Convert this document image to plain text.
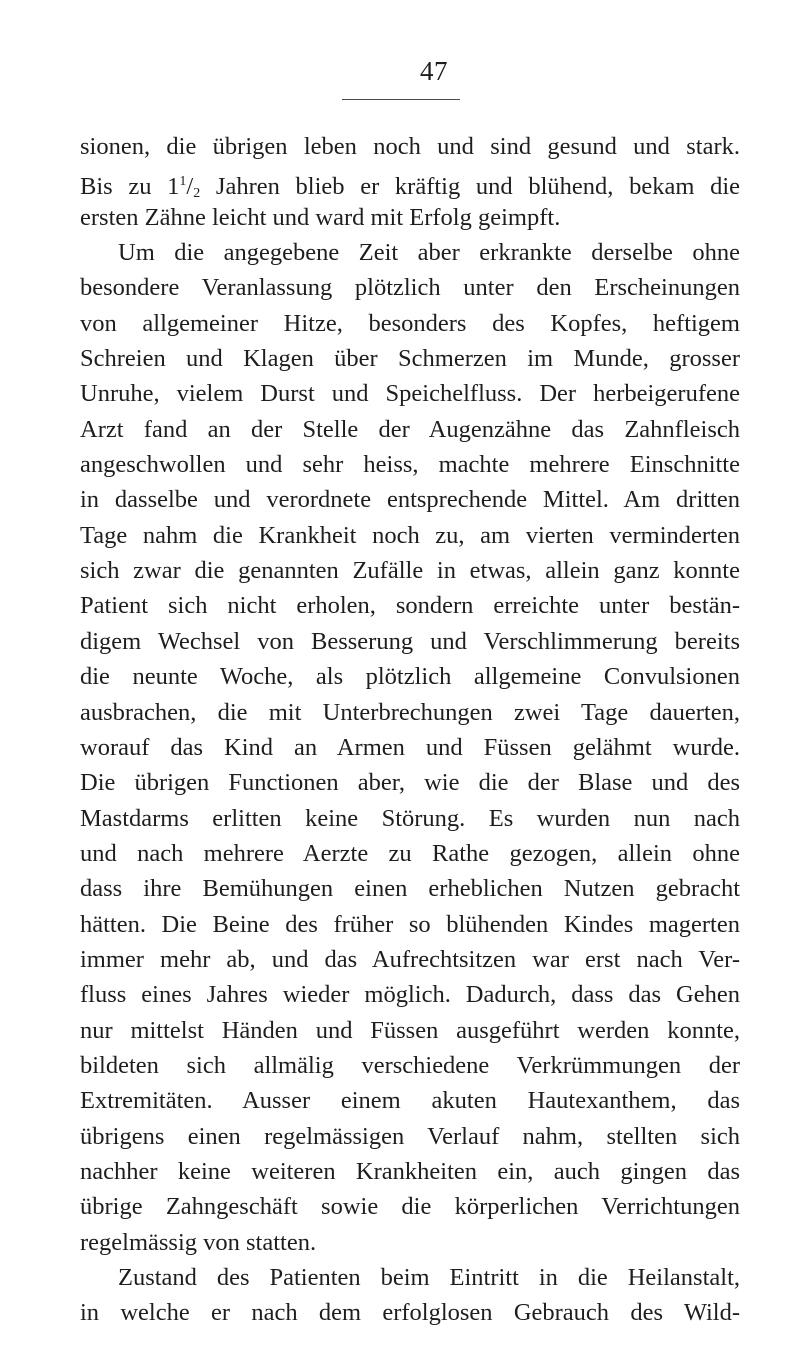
47
sionen, die übrigen leben noch und sind gesund und stark.
Bis zu $1^1/_2$ Jahren blieb er kräftig und blühend, bekam die
ersten Zähne leicht und ward mit Erfolg geimpft.
Um die angegebene Zeit aber erkrankte derselbe ohne
besondere Veranlassung plötzlich unter den Erscheinungen
von allgemeiner Hitze, besonders des Kopfes, heftigem
Schreien und Klagen über Schmerzen im Munde, grosser
Unruhe, vielem Durst und Speichelfluss. Der herbeigerufene
Arzt fand an der Stelle der Augenzähne das Zahnfleisch
angeschwollen und sehr heiss, machte mehrere Einschnitte
in dasselbe und verordnete entsprechende Mittel. Am dritten
Tage nahm die Krankheit noch zu, am vierten verminderten
sich zwar die genannten Zufälle in etwas, allein ganz konnte
Patient sich nicht erholen, sondern erreichte unter bestän-
digem Wechsel von Besserung und Verschlimmerung bereits
die neunte Woche, als plötzlich allgemeine Convulsionen
ausbrachen, die mit Unterbrechungen zwei Tage dauerten,
worauf das Kind an Armen und Füssen gelähmt wurde.
Die übrigen Functionen aber, wie die der Blase und des
Mastdarms erlitten keine Störung. Es wurden nun nach
und nach mehrere Aerzte zu Rathe gezogen, allein ohne
dass ihre Bemühungen einen erheblichen Nutzen gebracht
hätten. Die Beine des früher so blühenden Kindes magerten
immer mehr ab, und das Aufrechtsitzen war erst nach Ver-
fluss eines Jahres wieder möglich. Dadurch, dass das Gehen
nur mittelst Händen und Füssen ausgeführt werden konnte,
bildeten sich allmälig verschiedene Verkrümmungen der
Extremitäten. Ausser einem akuten Hautexanthem, das
übrigens einen regelmässigen Verlauf nahm, stellten sich
nachher keine weiteren Krankheiten ein, auch gingen das
übrige Zahngeschäft sowie die körperlichen Verrichtungen
regelmässig von statten.
Zustand des Patienten beim Eintritt in die Heilanstalt,
in welche er nach dem erfolglosen Gebrauch des Wild-
